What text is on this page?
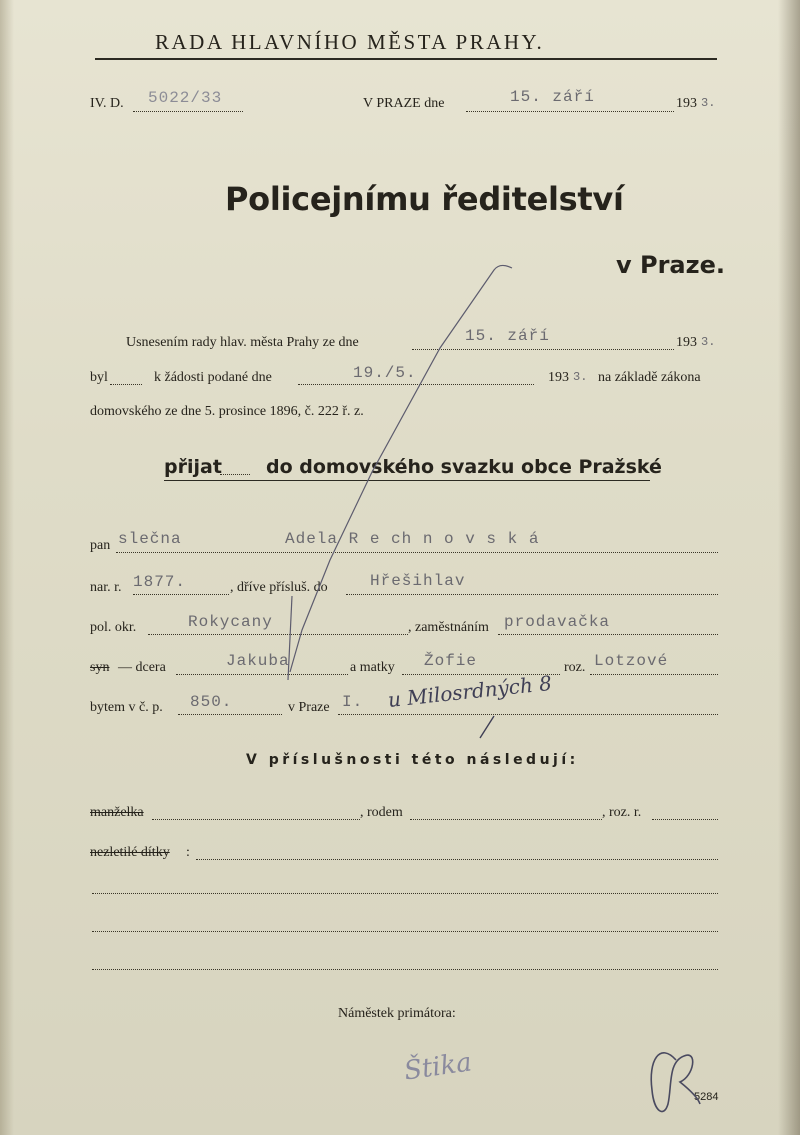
RADA HLAVNÍHO MĚSTA PRAHY.
IV. D. 5022/33	V PRAZE dne	15. září	193 3.
Policejnímu ředitelství
v Praze.
Usnesením rady hlav. města Prahy ze dne	15. září	193 3.
byl	k žádosti podané dne	19./5.	193 3. na základě zákona
domovského ze dne 5. prosince 1896, č. 222 ř. z.
přijat do domovského svazku obce Pražské
pan slečna	Adela R e ch n o v s k á
nar. r. 1877.	, dříve přísluš. do	Hřešihlav
pol. okr.	Rokycany	, zaměstnáním prodavačka
syn — dcera	Jakuba	a matky Žofie	roz. Lotzové
bytem v č. p. 850.	v Praze I. u Milosrdných 8
V příslušnosti této následují:
manželka	, rodem	, roz. r.
nezletilé dítky :
Náměstek primátora:
Štika
5284
